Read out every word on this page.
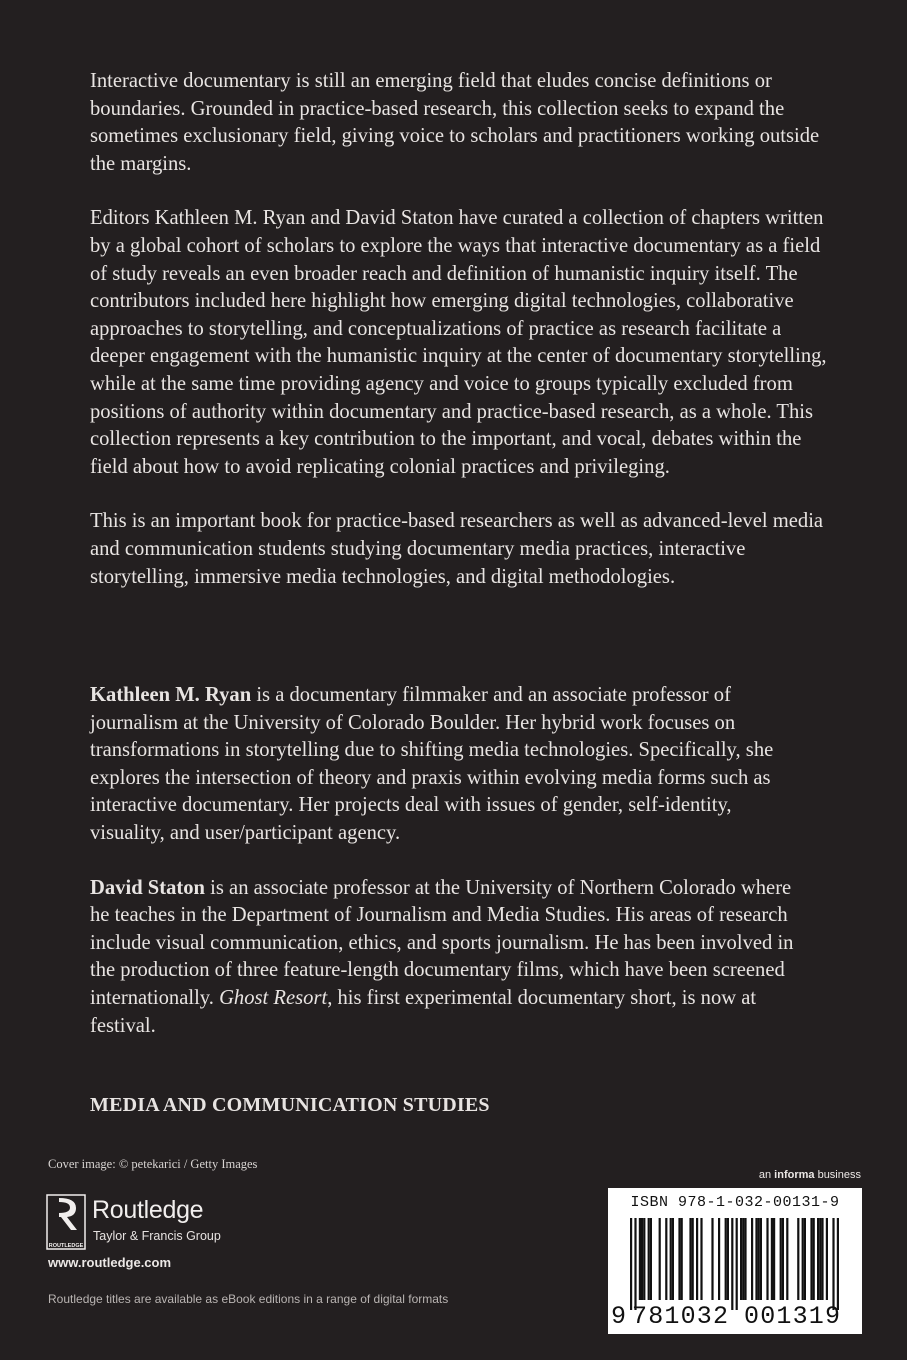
Interactive documentary is still an emerging field that eludes concise definitions or boundaries. Grounded in practice-based research, this collection seeks to expand the sometimes exclusionary field, giving voice to scholars and practitioners working outside the margins.

Editors Kathleen M. Ryan and David Staton have curated a collection of chapters written by a global cohort of scholars to explore the ways that interactive documentary as a field of study reveals an even broader reach and definition of humanistic inquiry itself. The contributors included here highlight how emerging digital technologies, collaborative approaches to storytelling, and conceptualizations of practice as research facilitate a deeper engagement with the humanistic inquiry at the center of documentary storytelling, while at the same time providing agency and voice to groups typically excluded from positions of authority within documentary and practice-based research, as a whole. This collection represents a key contribution to the important, and vocal, debates within the field about how to avoid replicating colonial practices and privileging.

This is an important book for practice-based researchers as well as advanced-level media and communication students studying documentary media practices, interactive storytelling, immersive media technologies, and digital methodologies.

Kathleen M. Ryan is a documentary filmmaker and an associate professor of journalism at the University of Colorado Boulder. Her hybrid work focuses on transformations in storytelling due to shifting media technologies. Specifically, she explores the intersection of theory and praxis within evolving media forms such as interactive documentary. Her projects deal with issues of gender, self-identity, visuality, and user/participant agency.

David Staton is an associate professor at the University of Northern Colorado where he teaches in the Department of Journalism and Media Studies. His areas of research include visual communication, ethics, and sports journalism. He has been involved in the production of three feature-length documentary films, which have been screened internationally. Ghost Resort, his first experimental documentary short, is now at festival.

MEDIA AND COMMUNICATION STUDIES
Cover image: © petekarici / Getty Images
an informa business
ROUTLEDGE
Routledge
Taylor & Francis Group
www.routledge.com
Routledge titles are available as eBook editions in a range of digital formats
ISBN 978-1-032-00131-9
9 781032 001319
